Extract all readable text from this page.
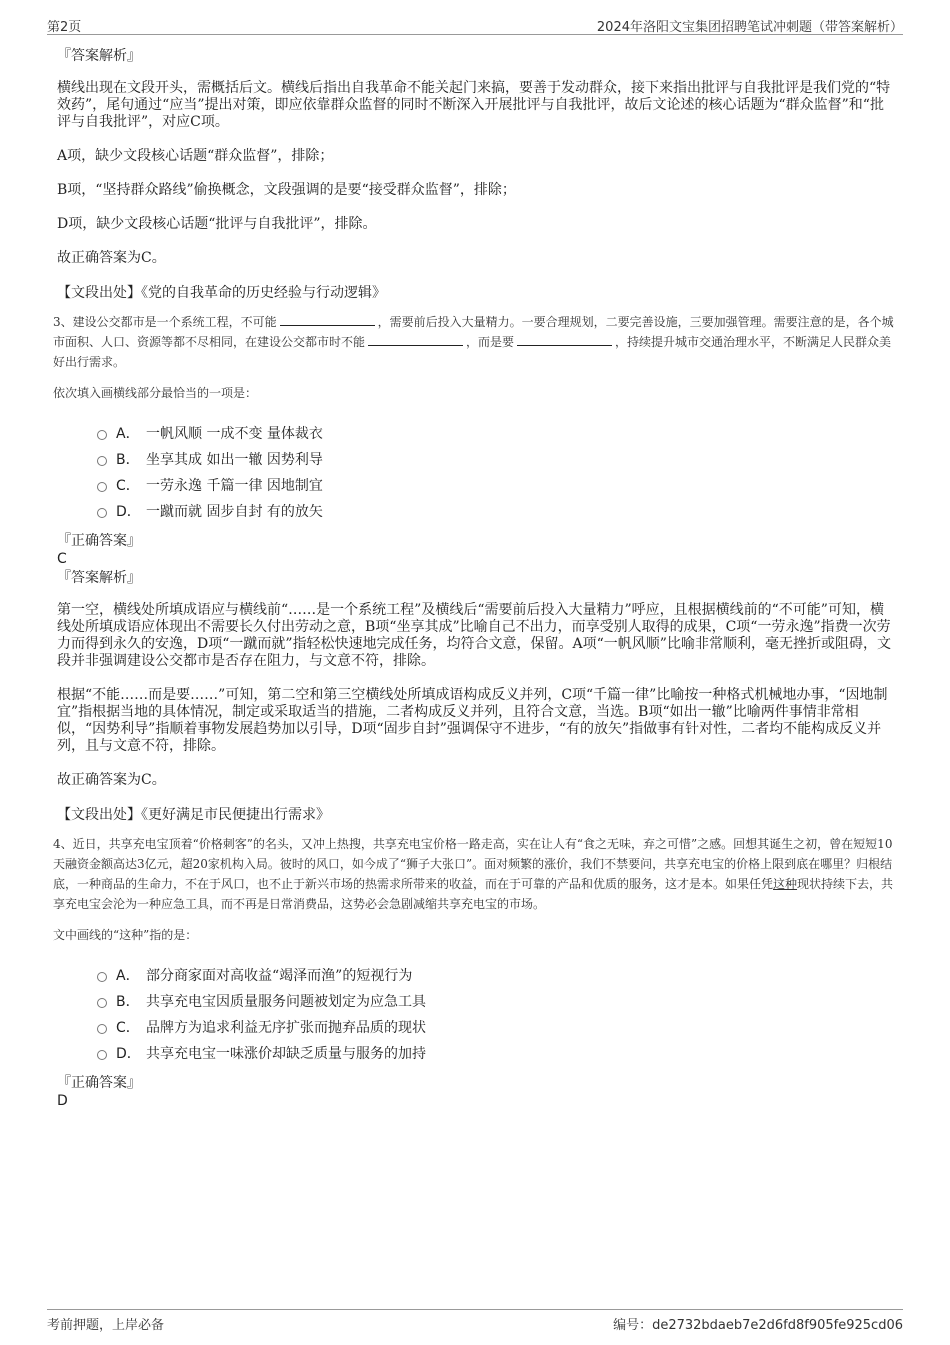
第2页	2024年洛阳文宝集团招聘笔试冲刺题（带答案解析）

『答案解析』

横线出现在文段开头，需概括后文。横线后指出自我革命不能关起门来搞，要善于发动群众，接下来指出批评与自我批评是我们党的“特效药”，尾句通过“应当”提出对策，即应依靠群众监督的同时不断深入开展批评与自我批评，故后文论述的核心话题为“群众监督”和“批评与自我批评”，对应C项。

A项，缺少文段核心话题“群众监督”，排除；

B项，“坚持群众路线”偷换概念，文段强调的是要“接受群众监督”，排除；

D项，缺少文段核心话题“批评与自我批评”，排除。

故正确答案为C。

【文段出处】《党的自我革命的历史经验与行动逻辑》

3、建设公交都市是一个系统工程，不可能	，需要前后投入大量精力。一要合理规划，二要完善设施，三要加强管理。需要注意的是，各个城市面积、人口、资源等都不尽相同，在建设公交都市时不能	，而是要	，持续提升城市交通治理水平，不断满足人民群众美好出行需求。

依次填入画横线部分最恰当的一项是：

A． 一帆风顺 一成不变 量体裁衣
B． 坐享其成 如出一辙 因势利导
C． 一劳永逸 千篇一律 因地制宜
D． 一蹴而就 固步自封 有的放矢

『正确答案』

C

『答案解析』

第一空，横线处所填成语应与横线前“……是一个系统工程”及横线后“需要前后投入大量精力”呼应，且根据横线前的“不可能”可知，横线处所填成语应体现出不需要长久付出劳动之意，B项“坐享其成”比喻自己不出力，而享受别人取得的成果，C项“一劳永逸”指费一次劳力而得到永久的安逸，D项“一蹴而就”指轻松快速地完成任务，均符合文意，保留。A项“一帆风顺”比喻非常顺利，毫无挫折或阻碍，文段并非强调建设公交都市是否存在阻力，与文意不符，排除。

根据“不能……而是要……”可知，第二空和第三空横线处所填成语构成反义并列，C项“千篇一律”比喻按一种格式机械地办事，“因地制宜”指根据当地的具体情况，制定或采取适当的措施，二者构成反义并列，且符合文意，当选。B项“如出一辙”比喻两件事情非常相似，“因势利导”指顺着事物发展趋势加以引导，D项“固步自封”强调保守不进步，“有的放矢”指做事有针对性，二者均不能构成反义并列，且与文意不符，排除。

故正确答案为C。

【文段出处】《更好满足市民便捷出行需求》

4、近日，共享充电宝顶着“价格刺客”的名头，又冲上热搜，共享充电宝价格一路走高，实在让人有“食之无味，弃之可惜”之感。回想其诞生之初，曾在短短10天融资金额高达3亿元，超20家机构入局。彼时的风口，如今成了“狮子大张口”。面对频繁的涨价，我们不禁要问，共享充电宝的价格上限到底在哪里？归根结底，一种商品的生命力，不在于风口，也不止于新兴市场的热需求所带来的收益，而在于可靠的产品和优质的服务，这才是本。如果任凭这种现状持续下去，共享充电宝会沦为一种应急工具，而不再是日常消费品，这势必会急剧减缩共享充电宝的市场。

文中画线的“这种”指的是：

A． 部分商家面对高收益“竭泽而渔”的短视行为
B． 共享充电宝因质量服务问题被划定为应急工具
C． 品牌方为追求利益无序扩张而抛弃品质的现状
D． 共享充电宝一味涨价却缺乏质量与服务的加持

『正确答案』

D

考前押题，上岸必备	编号：de2732bdaeb7e2d6fd8f905fe925cd06
